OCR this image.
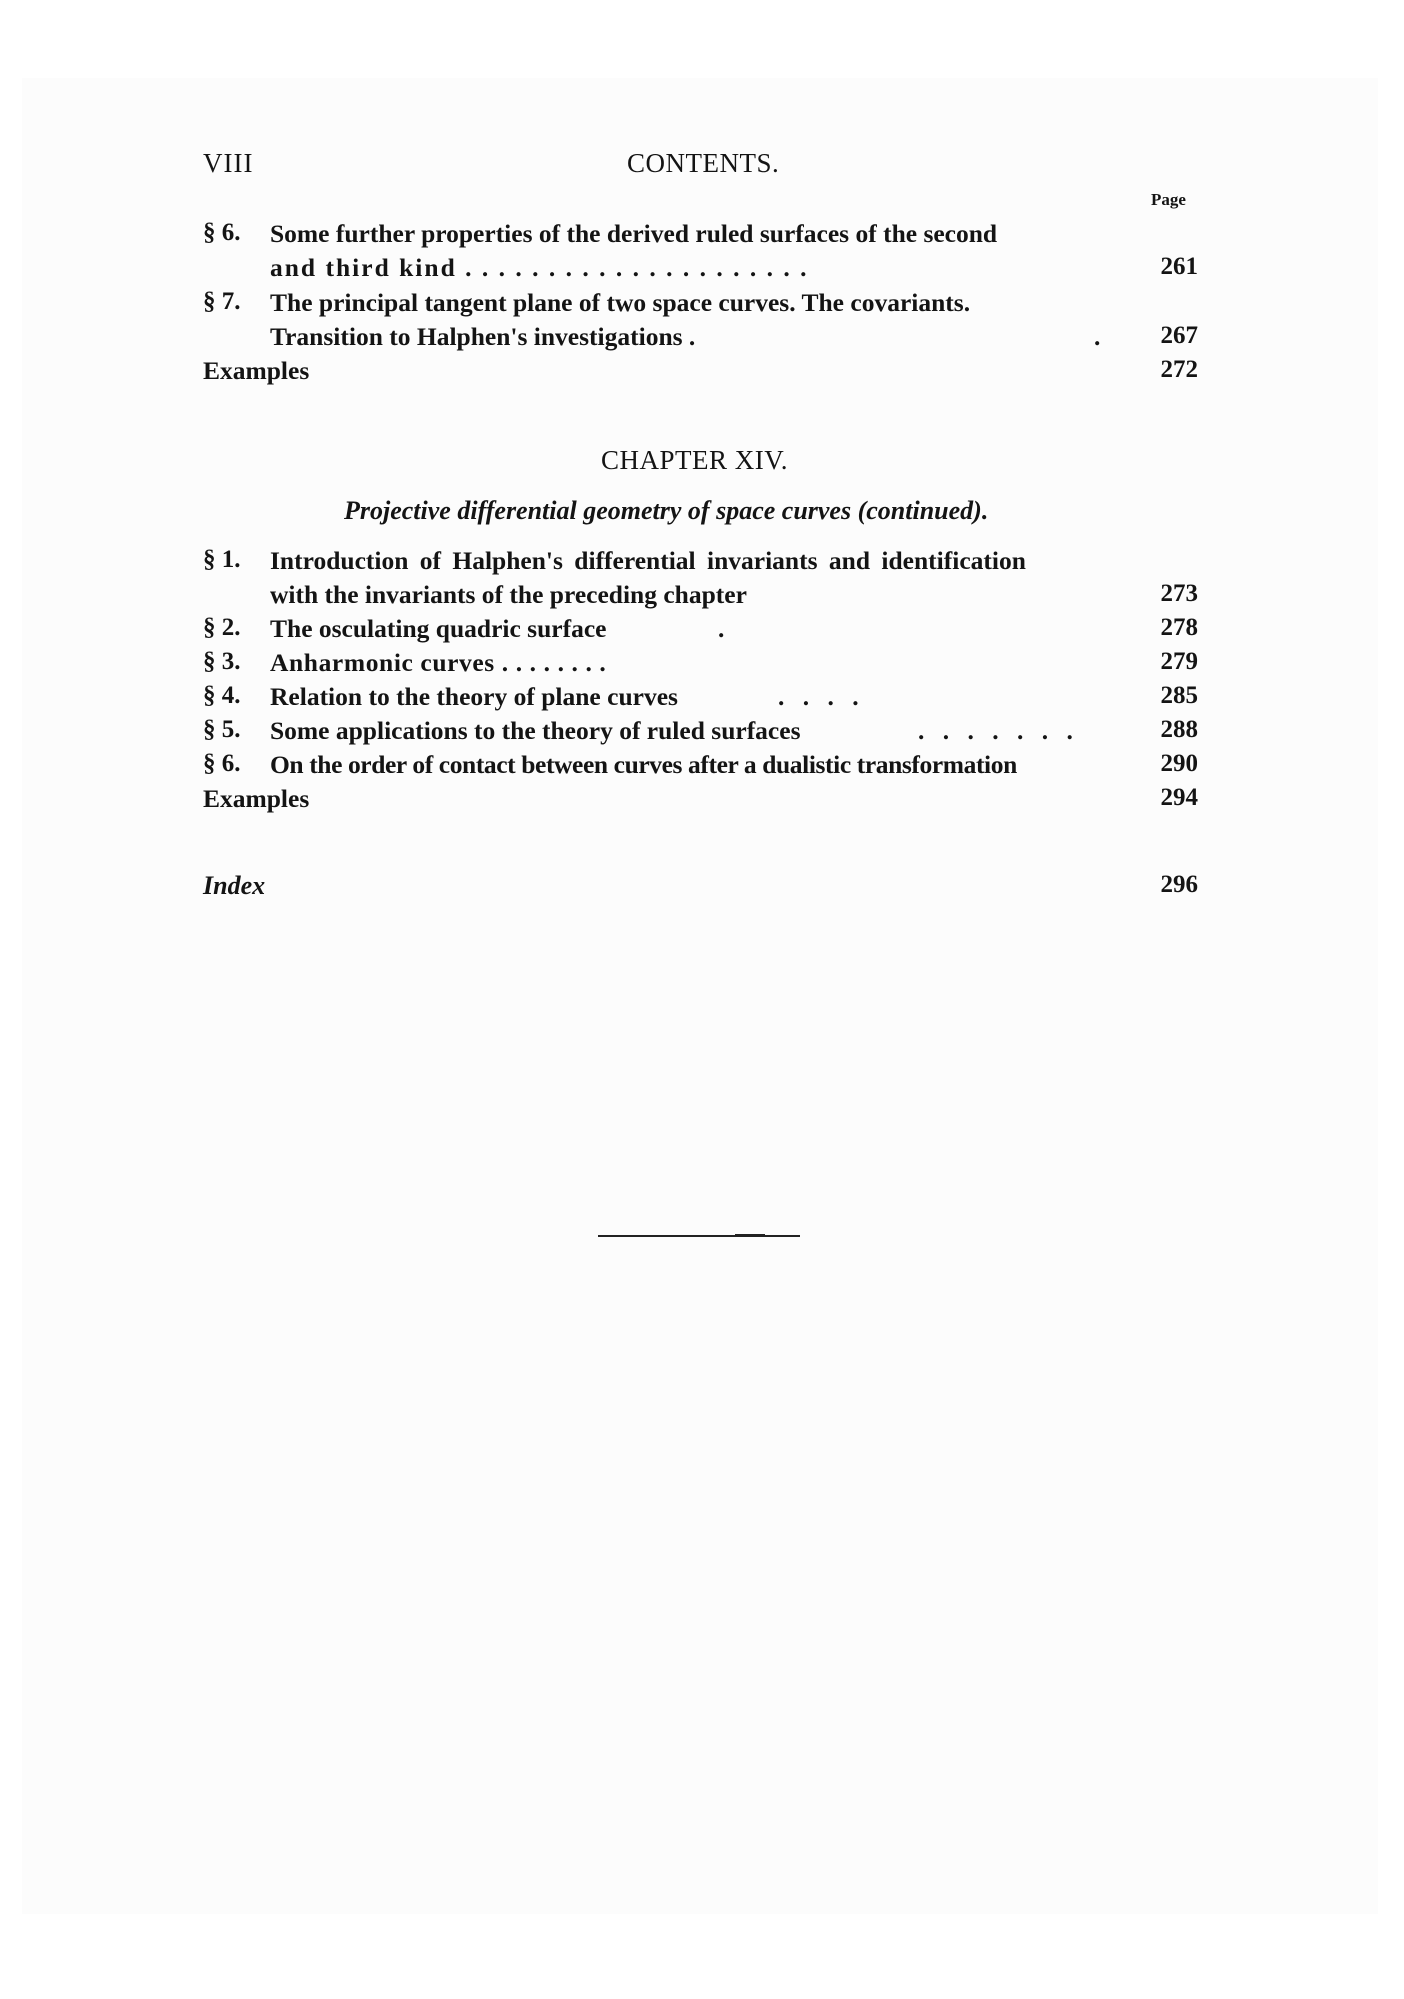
VIII	CONTENTS.
Page
§ 6. Some further properties of the derived ruled surfaces of the second
and third kind . . . . . . . . . . . . . . . . . . . . .	261
§ 7. The principal tangent plane of two space curves. The covariants.
Transition to Halphen's investigations .	.	267
Examples	272
CHAPTER XIV.
Projective differential geometry of space curves (continued).
§ 1. Introduction of Halphen's differential invariants and identification
with the invariants of the preceding chapter	273
§ 2. The osculating quadric surface	.	278
§ 3. Anharmonic curves . . . . . . . .	279
§ 4. Relation to the theory of plane curves	. . . .	285
§ 5. Some applications to the theory of ruled surfaces	. . . . . . .	288
§ 6. On the order of contact between curves after a dualistic transformation	290
Examples	294
Index	296
